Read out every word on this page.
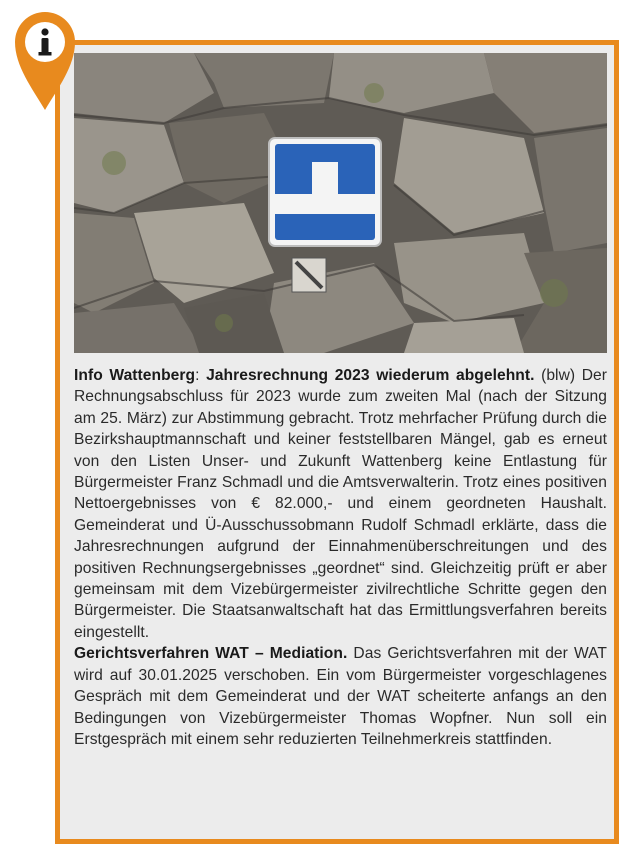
Info Wattenberg: Jahresrechnung 2023 wiederum abgelehnt. (blw) Der Rechnungsabschluss für 2023 wurde zum zweiten Mal (nach der Sitzung am 25. März) zur Abstimmung gebracht. Trotz mehrfacher Prüfung durch die Bezirkshauptmannschaft und keiner feststellbaren Mängel, gab es erneut von den Listen Unser- und Zukunft Wattenberg keine Entlastung für Bürgermeister Franz Schmadl und die Amtsverwalterin. Trotz eines positiven Nettoergebnisses von € 82.000,- und einem geordneten Haushalt. Gemeinderat und Ü-Ausschussobmann Rudolf Schmadl erklärte, dass die Jahresrechnungen aufgrund der Einnahmenüberschreitungen und des positiven Rechnungsergebnisses „geordnet“ sind. Gleichzeitig prüft er aber gemeinsam mit dem Vizebürgermeister zivilrechtliche Schritte gegen den Bürgermeister. Die Staatsanwaltschaft hat das Ermittlungsverfahren bereits eingestellt.

Gerichtsverfahren WAT – Mediation. Das Gerichtsverfahren mit der WAT wird auf 30.01.2025 verschoben. Ein vom Bürgermeister vorgeschlagenes Gespräch mit dem Gemeinderat und der WAT scheiterte anfangs an den Bedingungen von Vizebürgermeister Thomas Wopfner. Nun soll ein Erstgespräch mit einem sehr reduzierten Teilnehmerkreis stattfinden.
